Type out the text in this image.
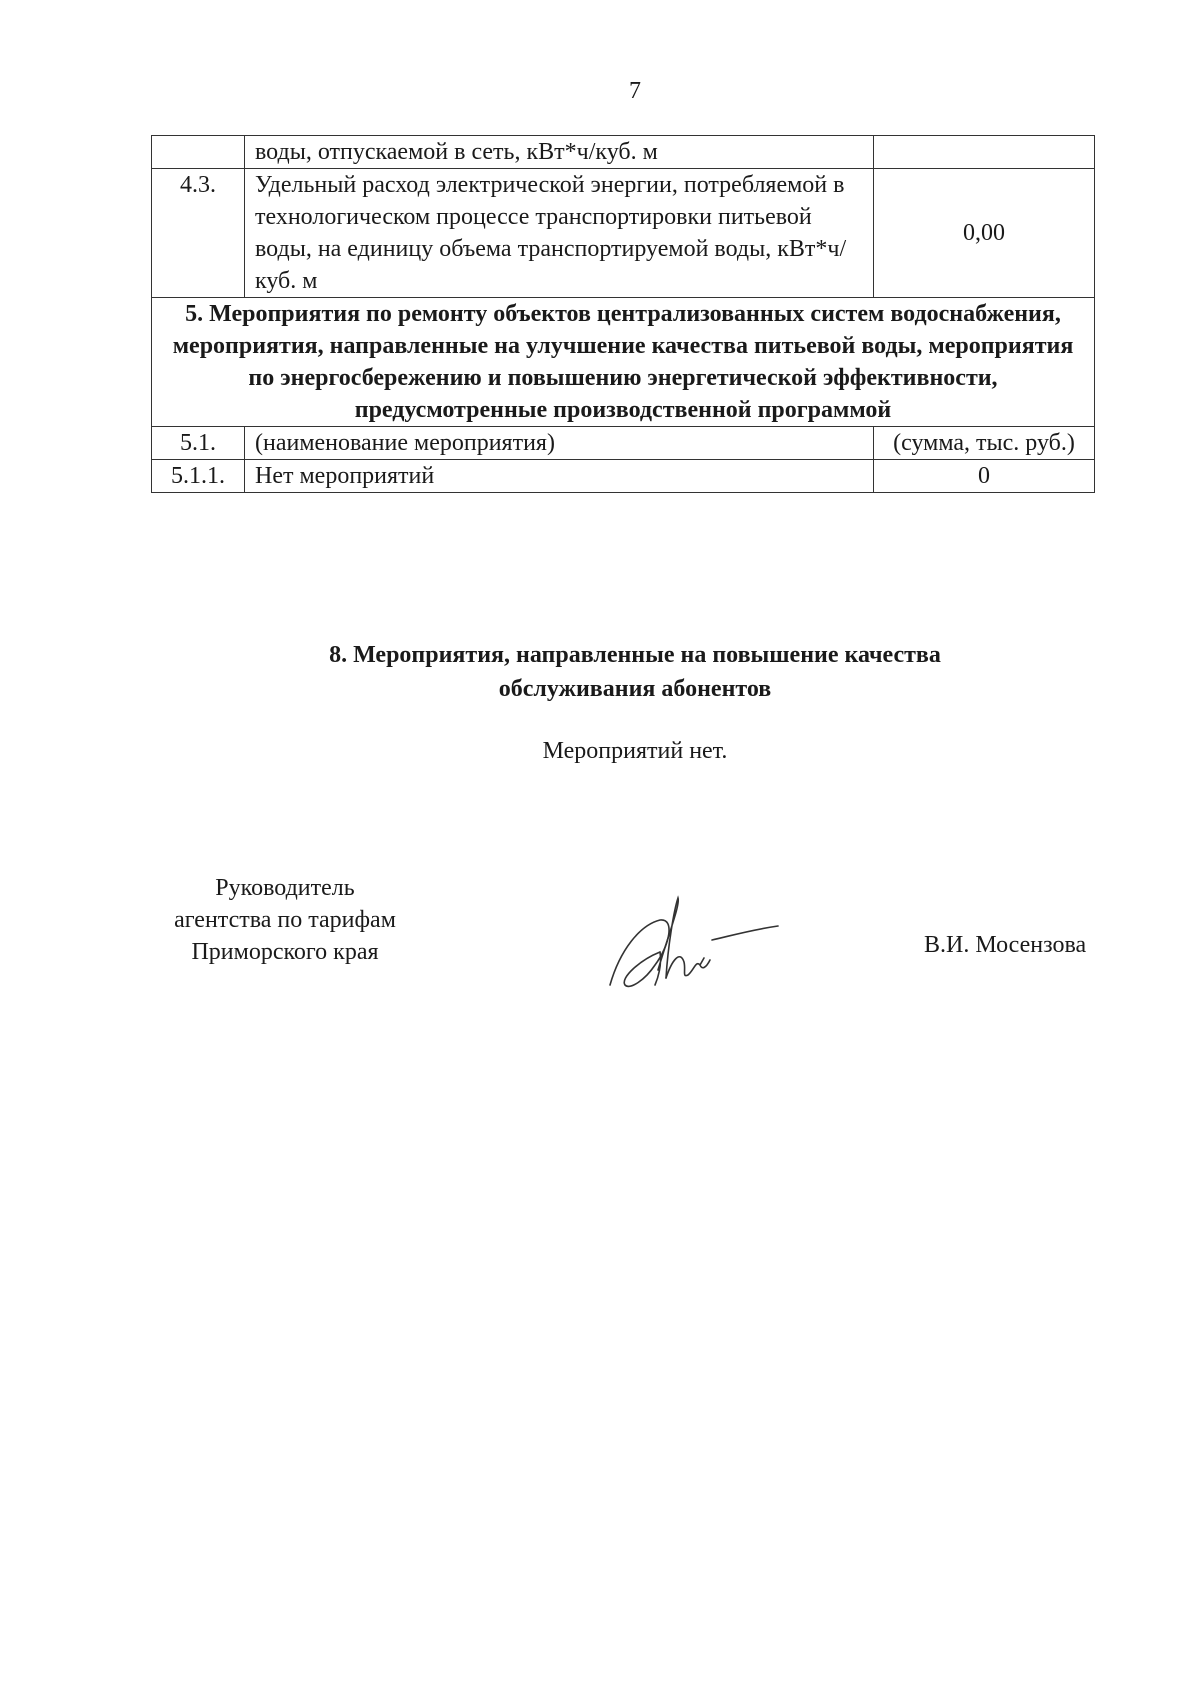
7
	воды, отпускаемой в сеть, кВт*ч/куб. м	
4.3.	Удельный расход электрической энергии, потребляемой в технологическом процессе транспортировки питьевой воды, на единицу объема транспортируемой воды, кВт*ч/куб. м	0,00
5. Мероприятия по ремонту объектов централизованных систем водоснабжения, мероприятия, направленные на улучшение качества питьевой воды, мероприятия по энергосбережению и повышению энергетической эффективности, предусмотренные производственной программой		
5.1.	(наименование мероприятия)	(сумма, тыс. руб.)
5.1.1.	Нет мероприятий	0
8. Мероприятия, направленные на повышение качества
обслуживания абонентов
Мероприятий нет.
Руководитель
агентства по тарифам
Приморского края	В.И. Мосензова
